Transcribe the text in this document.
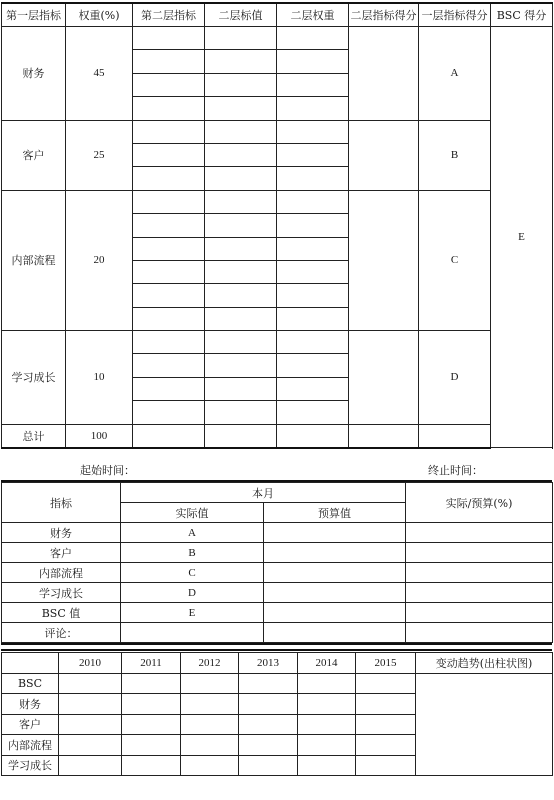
第一层指标	权重(%)	第二层指标	二层标值	二层权重	二层指标得分	一层指标得分	BSC 得分	
财务	45					A	E	

客户	25					B		

内部流程	20					C		

学习成长	10					D		

总计	100							
起始时间：	终止时间：
指标	本月		实际/预算(%)
	实际值	预算值	
财务	A		
客户	B		
内部流程	C		
学习成长	D		
BSC 值	E		
评论：			
	2010	2011	2012	2013	2014	2015	变动趋势(出柱状图)
BSC							
财务							
客户							
内部流程							
学习成长							
